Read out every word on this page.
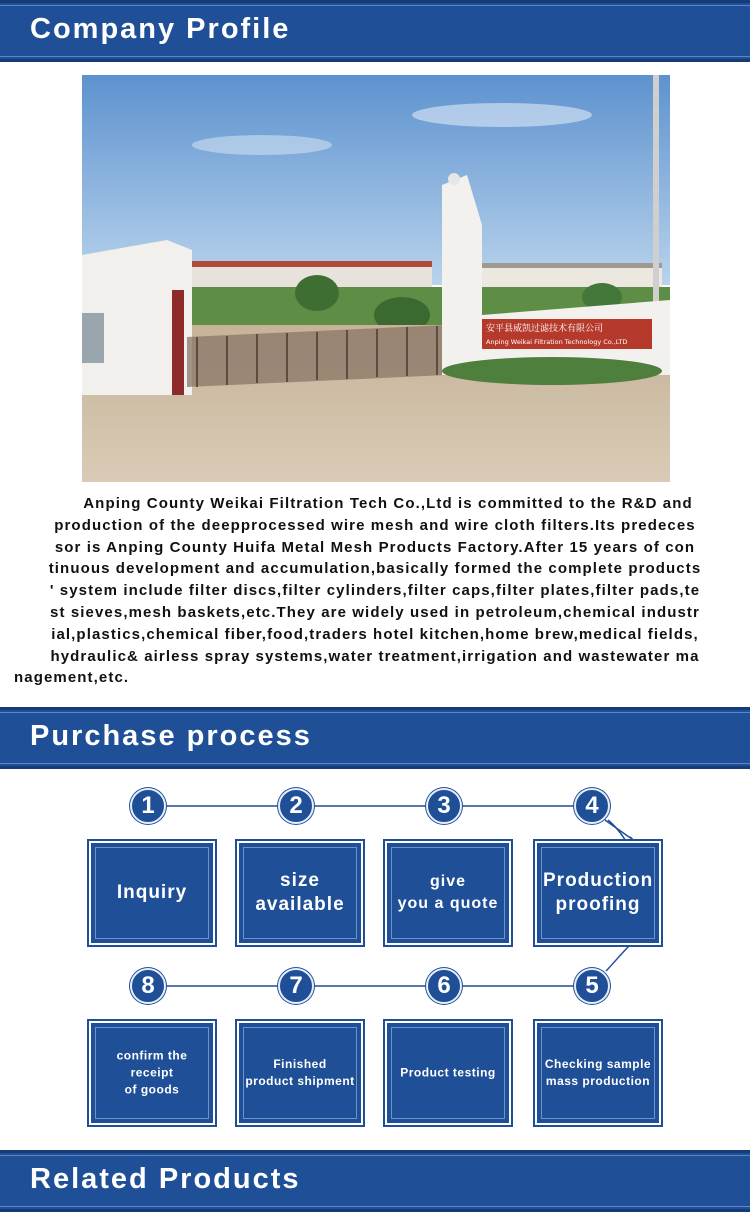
Company Profile
安平县威凯过滤技术有限公司
Anping Weikai Filtration Technology Co.,LTD
Anping County Weikai Filtration Tech Co.,Ltd is committed to the R&D and
production of the deepprocessed wire mesh and wire cloth filters.Its predeces
sor is Anping County Huifa Metal Mesh Products Factory.After 15 years of con
tinuous development and accumulation,basically formed the complete products
' system include filter discs,filter cylinders,filter caps,filter plates,filter pads,te
st sieves,mesh baskets,etc.They are widely used in petroleum,chemical industr
ial,plastics,chemical fiber,food,traders hotel kitchen,home brew,medical fields,
hydraulic& airless spray systems,water treatment,irrigation and wastewater ma
nagement,etc.
Purchase process
1	2	3	4
Inquiry
size
available
give
you a quote
Production
proofing
8	7	6	5
confirm the receipt
of goods
Finished
product shipment
Product testing
Checking sample
mass production
Related Products
